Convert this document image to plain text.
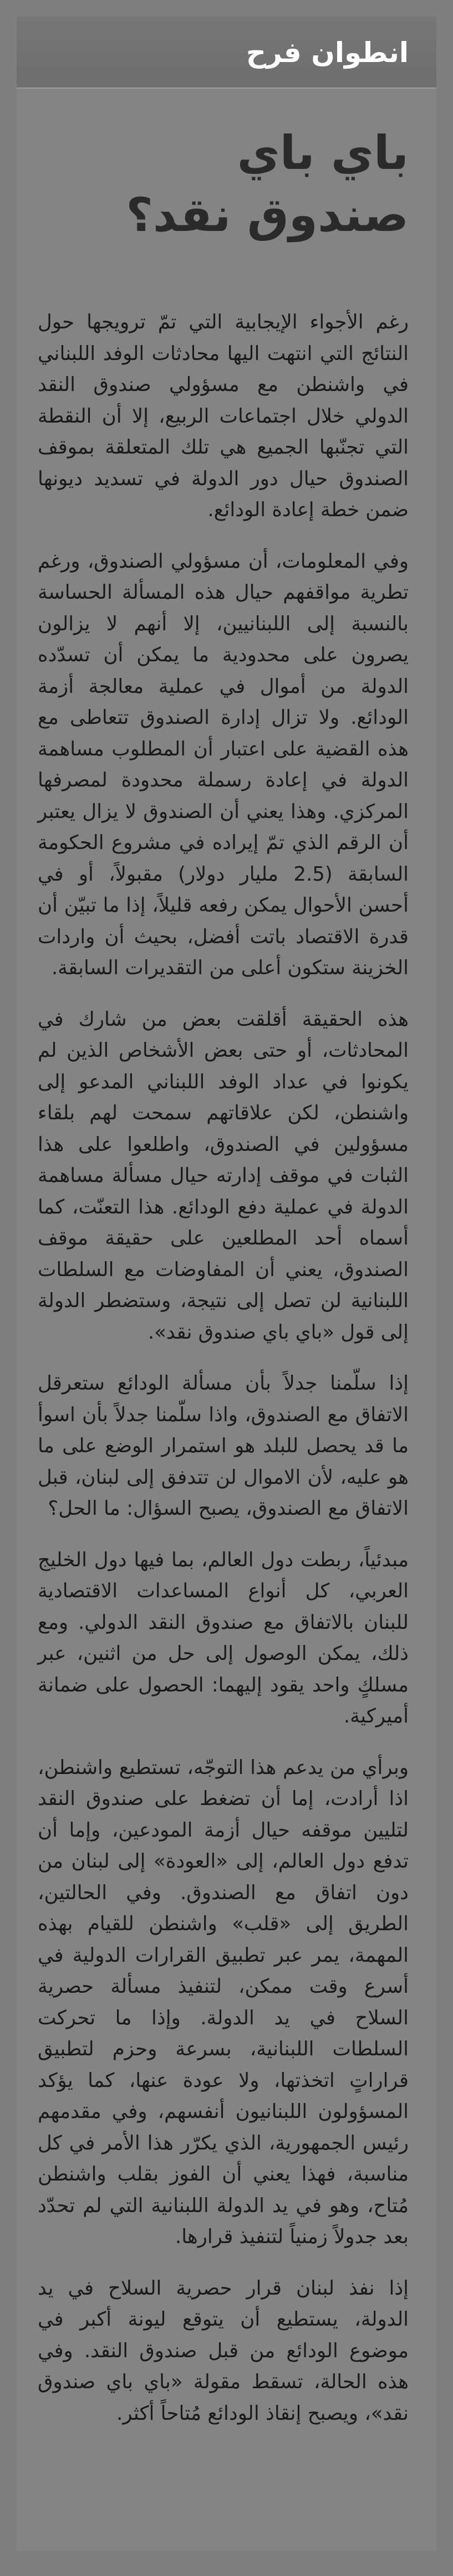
انطوان فرح
باي باي
صندوق نقد؟

رغم الأجواء الإيجابية التي تمّ ترويجها حول النتائج التي انتهت اليها محادثات الوفد اللبناني في واشنطن مع مسؤولي صندوق النقد الدولي خلال اجتماعات الربيع، إلا أن النقطة التي تجنّبها الجميع هي تلك المتعلقة بموقف الصندوق حيال دور الدولة في تسديد ديونها ضمن خطة إعادة الودائع.

وفي المعلومات، أن مسؤولي الصندوق، ورغم تطرية مواقفهم حيال هذه المسألة الحساسة بالنسبة إلى اللبنانيين، إلا أنهم لا يزالون يصرون على محدودية ما يمكن أن تسدّده الدولة من أموال في عملية معالجة أزمة الودائع. ولا تزال إدارة الصندوق تتعاطى مع هذه القضية على اعتبار أن المطلوب مساهمة الدولة في إعادة رسملة محدودة لمصرفها المركزي. وهذا يعني أن الصندوق لا يزال يعتبر أن الرقم الذي تمّ إيراده في مشروع الحكومة السابقة (2.5 مليار دولار) مقبولاً، أو في أحسن الأحوال يمكن رفعه قليلاً، إذا ما تبيّن أن قدرة الاقتصاد باتت أفضل، بحيث أن واردات الخزينة ستكون أعلى من التقديرات السابقة.

هذه الحقيقة أقلقت بعض من شارك في المحادثات، أو حتى بعض الأشخاص الذين لم يكونوا في عداد الوفد اللبناني المدعو إلى واشنطن، لكن علاقاتهم سمحت لهم بلقاء مسؤولين في الصندوق، واطلعوا على هذا الثبات في موقف إدارته حيال مسألة مساهمة الدولة في عملية دفع الودائع. هذا التعنّت، كما أسماه أحد المطلعين على حقيقة موقف الصندوق، يعني أن المفاوضات مع السلطات اللبنانية لن تصل إلى نتيجة، وستضطر الدولة إلى قول «باي باي صندوق نقد».

إذا سلّمنا جدلاً بأن مسألة الودائع ستعرقل الاتفاق مع الصندوق، واذا سلّمنا جدلاً بأن اسوأ ما قد يحصل للبلد هو استمرار الوضع على ما هو عليه، لأن الاموال لن تتدفق إلى لبنان، قبل الاتفاق مع الصندوق، يصبح السؤال: ما الحل؟

مبدئياً، ربطت دول العالم، بما فيها دول الخليج العربي، كل أنواع المساعدات الاقتصادية للبنان بالاتفاق مع صندوق النقد الدولي. ومع ذلك، يمكن الوصول إلى حل من اثنين، عبر مسلكٍ واحد يقود إليهما: الحصول على ضمانة أميركية.

وبرأي من يدعم هذا التوجّه، تستطيع واشنطن، اذا أرادت، إما أن تضغط على صندوق النقد لتليين موقفه حيال أزمة المودعين، وإما أن تدفع دول العالم، إلى «العودة» إلى لبنان من دون اتفاق مع الصندوق. وفي الحالتين، الطريق إلى «قلب» واشنطن للقيام بهذه المهمة، يمر عبر تطبيق القرارات الدولية في أسرع وقت ممكن، لتنفيذ مسألة حصرية السلاح في يد الدولة. وإذا ما تحركت السلطات اللبنانية، بسرعة وحزم لتطبيق قراراتٍ اتخذتها، ولا عودة عنها، كما يؤكد المسؤولون اللبنانيون أنفسهم، وفي مقدمهم رئيس الجمهورية، الذي يكرّر هذا الأمر في كل مناسبة، فهذا يعني أن الفوز بقلب واشنطن مُتاح، وهو في يد الدولة اللبنانية التي لم تحدّد بعد جدولاً زمنياً لتنفيذ قرارها.

إذا نفذ لبنان قرار حصرية السلاح في يد الدولة، يستطيع أن يتوقع ليونة أكبر في موضوع الودائع من قبل صندوق النقد. وفي هذه الحالة، تسقط مقولة «باي باي صندوق نقد»، ويصبح إنقاذ الودائع مُتاحاً أكثر.
